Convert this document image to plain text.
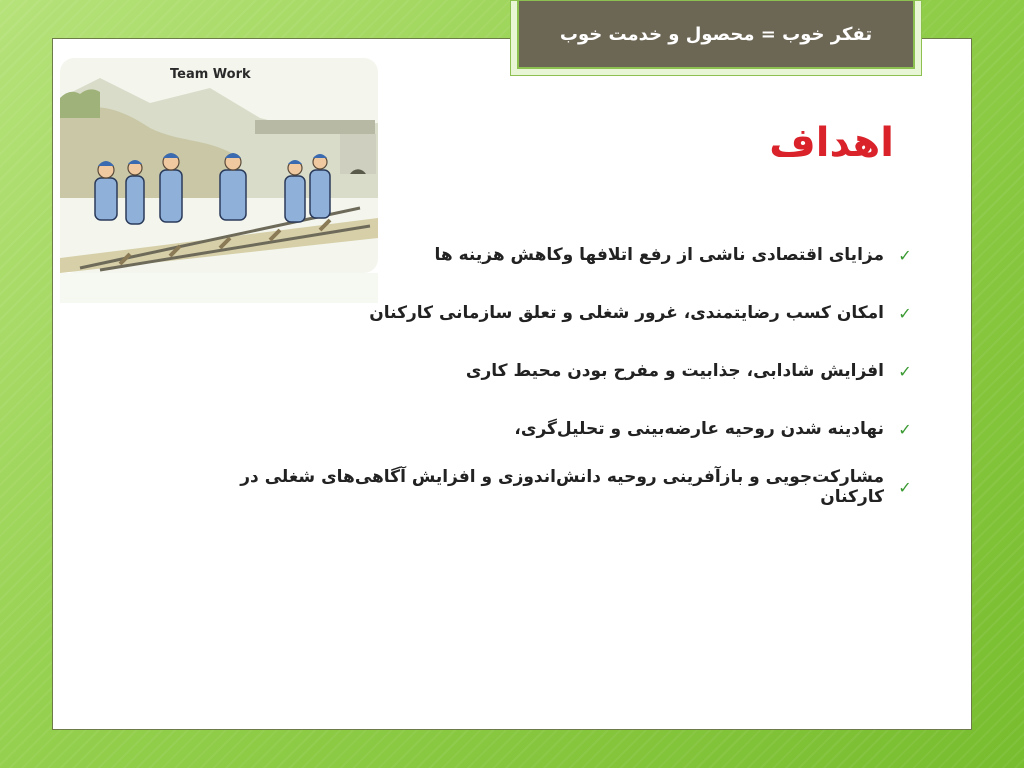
تفکر خوب = محصول و خدمت خوب
Team Work
اهداف
✓
مزایای اقتصادی ناشی از رفع اتلافها وکاهش هزینه ها
✓
امکان کسب رضایتمندی، غرور شغلی و تعلق سازمانی کارکنان
✓
افزایش شادابی، جذابیت و مفرح بودن محیط کاری
✓
نهادینه شدن روحیه عارضه‌بینی و تحلیل‌گری،
✓
مشارکت‌جویی و بازآفرینی روحیه دانش‌اندوزی و افزایش آگاهی‌های شغلی در کارکنان
